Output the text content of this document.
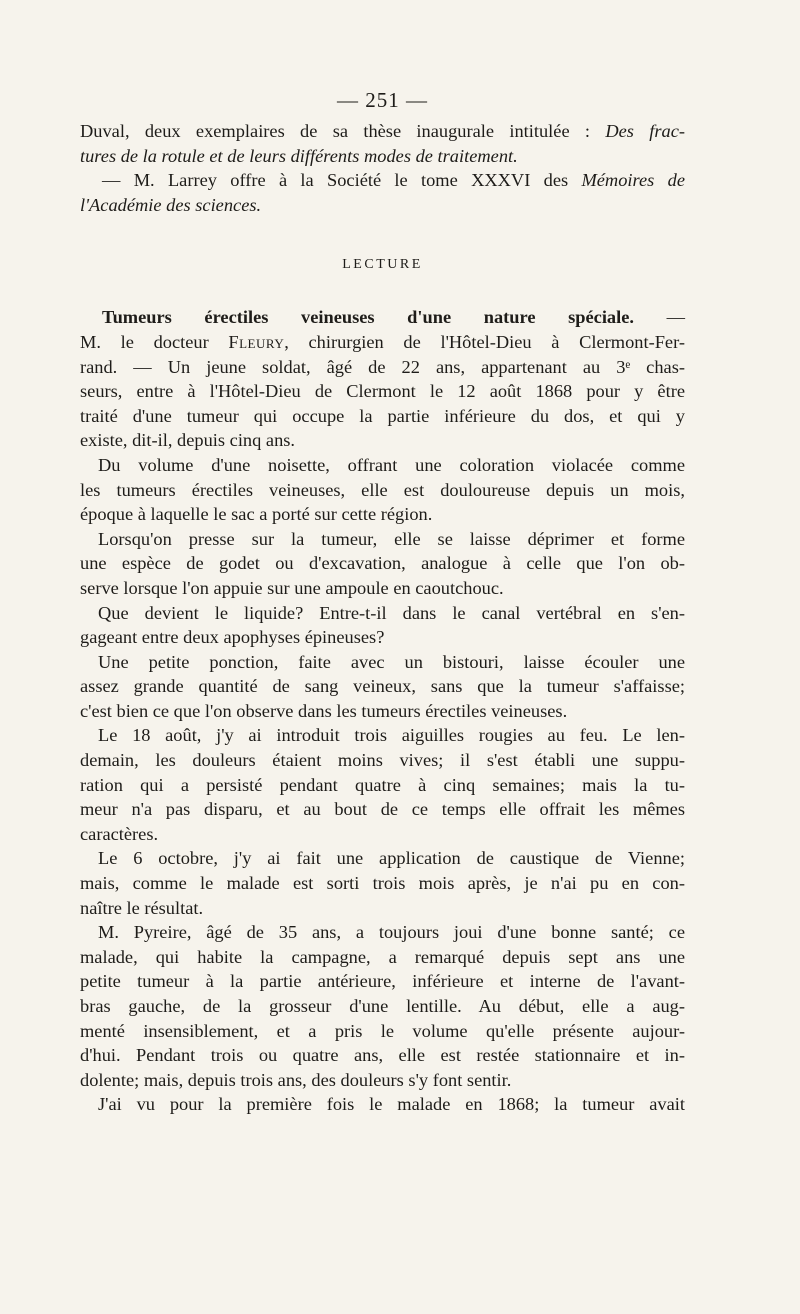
— 251 —
Duval, deux exemplaires de sa thèse inaugurale intitulée : Des frac-
tures de la rotule et de leurs différents modes de traitement.
— M. Larrey offre à la Société le tome XXXVI des Mémoires de
l'Académie des sciences.
LECTURE
Tumeurs érectiles veineuses d'une nature spéciale. —
M. le docteur Fleury, chirurgien de l'Hôtel-Dieu à Clermont-Fer-
rand. — Un jeune soldat, âgé de 22 ans, appartenant au 3ᵉ chas-
seurs, entre à l'Hôtel-Dieu de Clermont le 12 août 1868 pour y être
traité d'une tumeur qui occupe la partie inférieure du dos, et qui y
existe, dit-il, depuis cinq ans.
Du volume d'une noisette, offrant une coloration violacée comme
les tumeurs érectiles veineuses, elle est douloureuse depuis un mois,
époque à laquelle le sac a porté sur cette région.
Lorsqu'on presse sur la tumeur, elle se laisse déprimer et forme
une espèce de godet ou d'excavation, analogue à celle que l'on ob-
serve lorsque l'on appuie sur une ampoule en caoutchouc.
Que devient le liquide? Entre-t-il dans le canal vertébral en s'en-
gageant entre deux apophyses épineuses?
Une petite ponction, faite avec un bistouri, laisse écouler une
assez grande quantité de sang veineux, sans que la tumeur s'affaisse;
c'est bien ce que l'on observe dans les tumeurs érectiles veineuses.
Le 18 août, j'y ai introduit trois aiguilles rougies au feu. Le len-
demain, les douleurs étaient moins vives; il s'est établi une suppu-
ration qui a persisté pendant quatre à cinq semaines; mais la tu-
meur n'a pas disparu, et au bout de ce temps elle offrait les mêmes
caractères.
Le 6 octobre, j'y ai fait une application de caustique de Vienne;
mais, comme le malade est sorti trois mois après, je n'ai pu en con-
naître le résultat.
M. Pyreire, âgé de 35 ans, a toujours joui d'une bonne santé; ce
malade, qui habite la campagne, a remarqué depuis sept ans une
petite tumeur à la partie antérieure, inférieure et interne de l'avant-
bras gauche, de la grosseur d'une lentille. Au début, elle a aug-
menté insensiblement, et a pris le volume qu'elle présente aujour-
d'hui. Pendant trois ou quatre ans, elle est restée stationnaire et in-
dolente; mais, depuis trois ans, des douleurs s'y font sentir.
J'ai vu pour la première fois le malade en 1868; la tumeur avait
